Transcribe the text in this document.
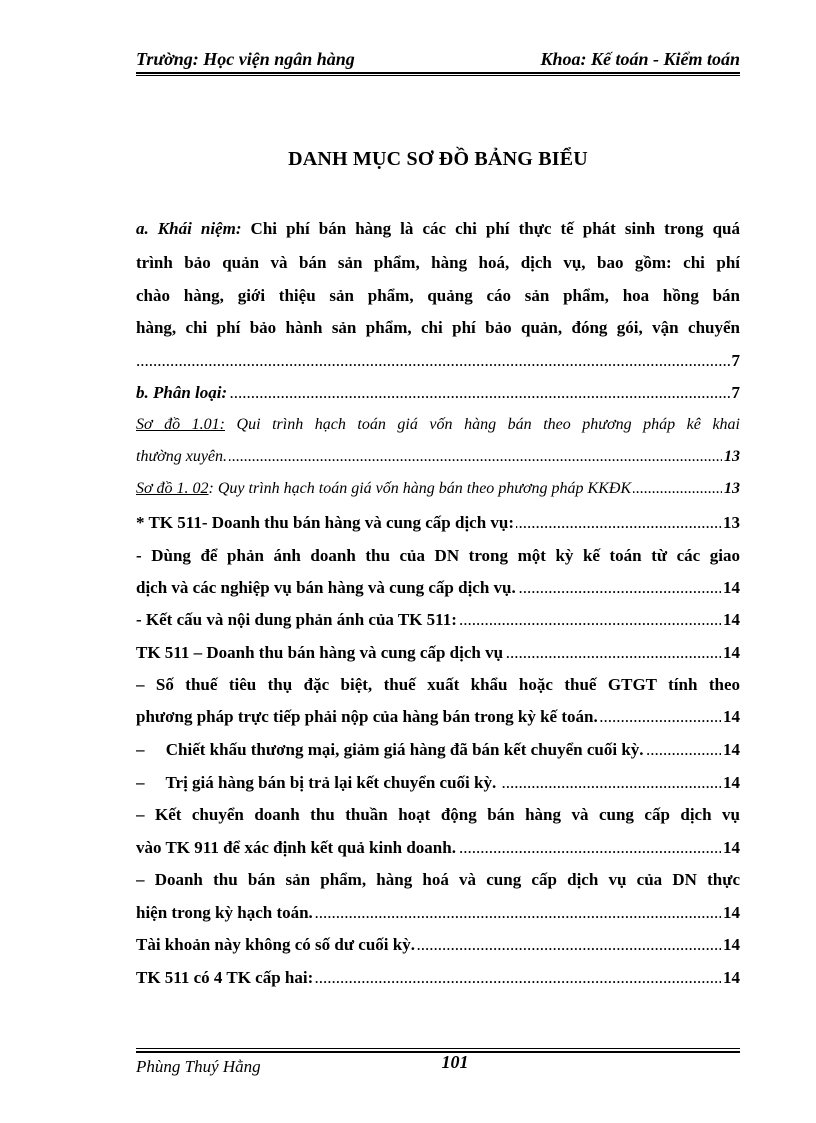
Trường: Học viện ngân hàng	Khoa: Kế toán - Kiểm toán
DANH MỤC SƠ ĐỒ BẢNG BIỂU
a. Khái niệm: Chi phí bán hàng là các chi phí thực tế phát sinh trong quá
trình bảo quản và bán sản phẩm, hàng hoá, dịch vụ, bao gồm: chi phí
chào hàng, giới thiệu sản phẩm, quảng cáo sản phẩm, hoa hồng bán
hàng, chi phí bảo hành sản phẩm, chi phí bảo quản, đóng gói, vận chuyển
..... 7
..... b. Phân loại:	7
Sơ đồ 1.01: Qui trình hạch toán giá vốn hàng bán theo phương pháp kê khai
..... thường xuyên.	13
..... Sơ đồ 1. 02: Quy trình hạch toán giá vốn hàng bán theo phương pháp KKĐK	13
..... * TK 511- Doanh thu bán hàng và cung cấp dịch vụ:	13
- Dùng để phản ánh doanh thu của DN trong một kỳ kế toán từ các giao
..... dịch và các nghiệp vụ bán hàng và cung cấp dịch vụ.	14
..... - Kết cấu và nội dung phản ánh của TK 511:	14
..... TK 511 – Doanh thu bán hàng và cung cấp dịch vụ	14
– Số thuế tiêu thụ đặc biệt, thuế xuất khẩu hoặc thuế GTGT tính theo
..... phương pháp trực tiếp phải nộp của hàng bán trong kỳ kế toán.	14
..... –     Chiết khấu thương mại, giảm giá hàng đã bán kết chuyển cuối kỳ.	14
..... –     Trị giá hàng bán bị trả lại kết chuyển cuối kỳ.	14
– Kết chuyển doanh thu thuần hoạt động bán hàng và cung cấp dịch vụ
..... vào TK 911 để xác định kết quả kinh doanh.	14
– Doanh thu bán sản phẩm, hàng hoá và cung cấp dịch vụ của DN thực
..... hiện trong kỳ hạch toán.	14
..... Tài khoản này không có số dư cuối kỳ.	14
..... TK 511 có 4 TK cấp hai:	14
Phùng Thuý Hằng	101
